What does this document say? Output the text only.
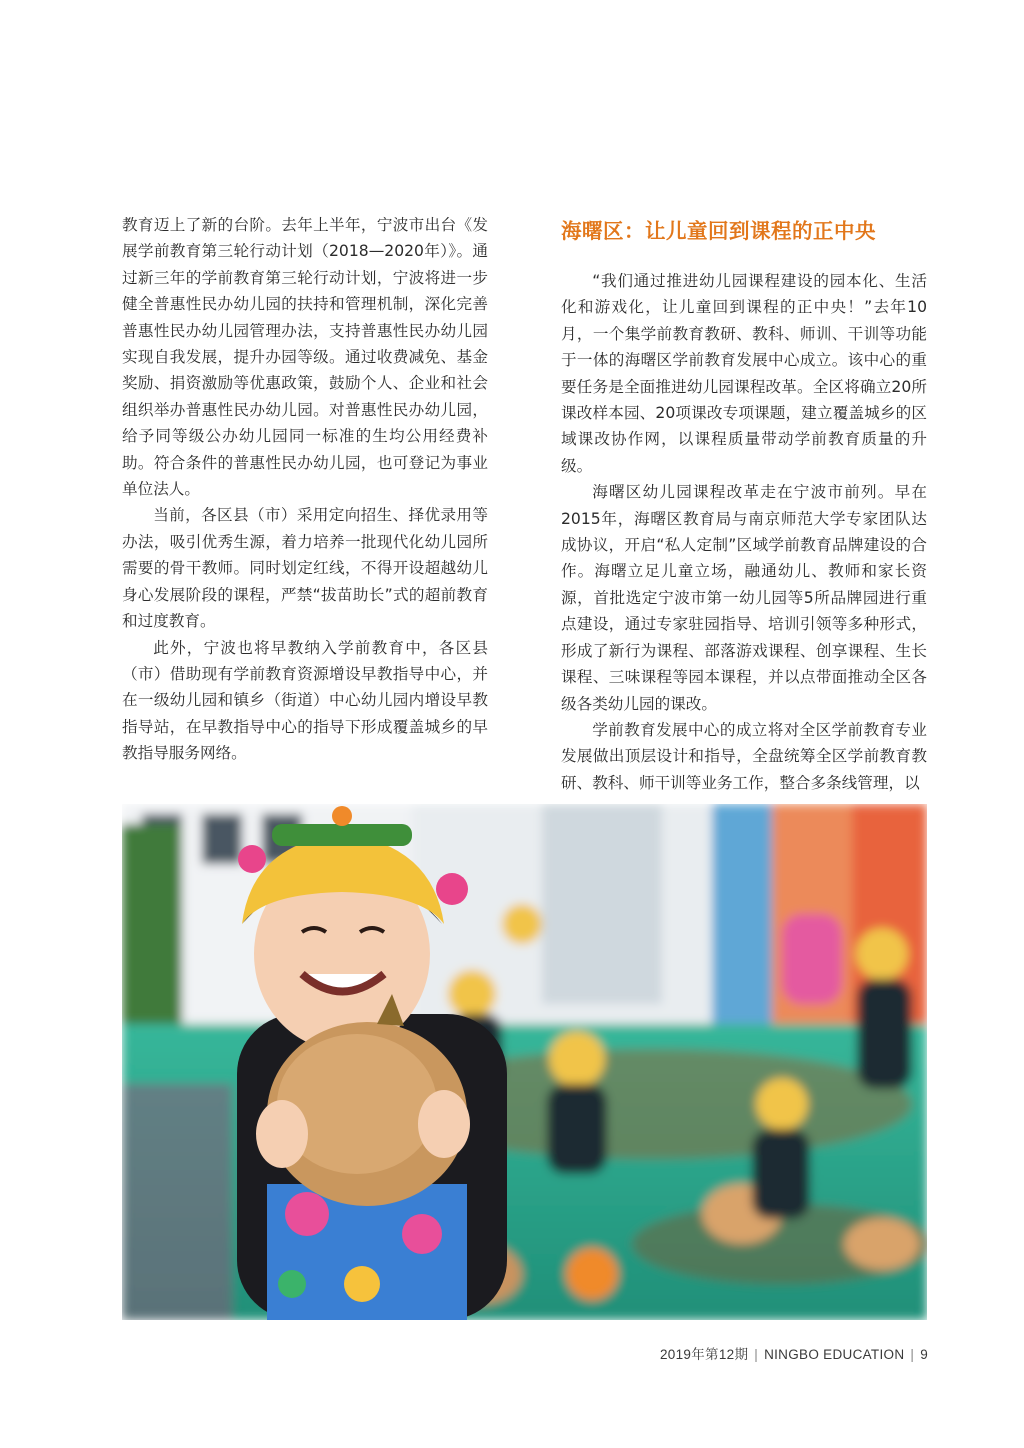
教育迈上了新的台阶。去年上半年，宁波市出台《发展学前教育第三轮行动计划（2018—2020年）》。通过新三年的学前教育第三轮行动计划，宁波将进一步健全普惠性民办幼儿园的扶持和管理机制，深化完善普惠性民办幼儿园管理办法，支持普惠性民办幼儿园实现自我发展，提升办园等级。通过收费减免、基金奖励、捐资激励等优惠政策，鼓励个人、企业和社会组织举办普惠性民办幼儿园。对普惠性民办幼儿园，给予同等级公办幼儿园同一标准的生均公用经费补助。符合条件的普惠性民办幼儿园，也可登记为事业单位法人。

当前，各区县（市）采用定向招生、择优录用等办法，吸引优秀生源，着力培养一批现代化幼儿园所需要的骨干教师。同时划定红线，不得开设超越幼儿身心发展阶段的课程，严禁“拔苗助长”式的超前教育和过度教育。

此外，宁波也将早教纳入学前教育中，各区县（市）借助现有学前教育资源增设早教指导中心，并在一级幼儿园和镇乡（街道）中心幼儿园内增设早教指导站，在早教指导中心的指导下形成覆盖城乡的早教指导服务网络。

海曙区：让儿童回到课程的正中央

“我们通过推进幼儿园课程建设的园本化、生活化和游戏化，让儿童回到课程的正中央！”去年10月，一个集学前教育教研、教科、师训、干训等功能于一体的海曙区学前教育发展中心成立。该中心的重要任务是全面推进幼儿园课程改革。全区将确立20所课改样本园、20项课改专项课题，建立覆盖城乡的区域课改协作网，以课程质量带动学前教育质量的升级。

海曙区幼儿园课程改革走在宁波市前列。早在2015年，海曙区教育局与南京师范大学专家团队达成协议，开启“私人定制”区域学前教育品牌建设的合作。海曙立足儿童立场，融通幼儿、教师和家长资源，首批选定宁波市第一幼儿园等5所品牌园进行重点建设，通过专家驻园指导、培训引领等多种形式，形成了新行为课程、部落游戏课程、创享课程、生长课程、三味课程等园本课程，并以点带面推动全区各级各类幼儿园的课改。

学前教育发展中心的成立将对全区学前教育专业发展做出顶层设计和指导，全盘统筹全区学前教育教研、教科、师干训等业务工作，整合多条线管理，以

2019年第12期 | NINGBO EDUCATION | 9
